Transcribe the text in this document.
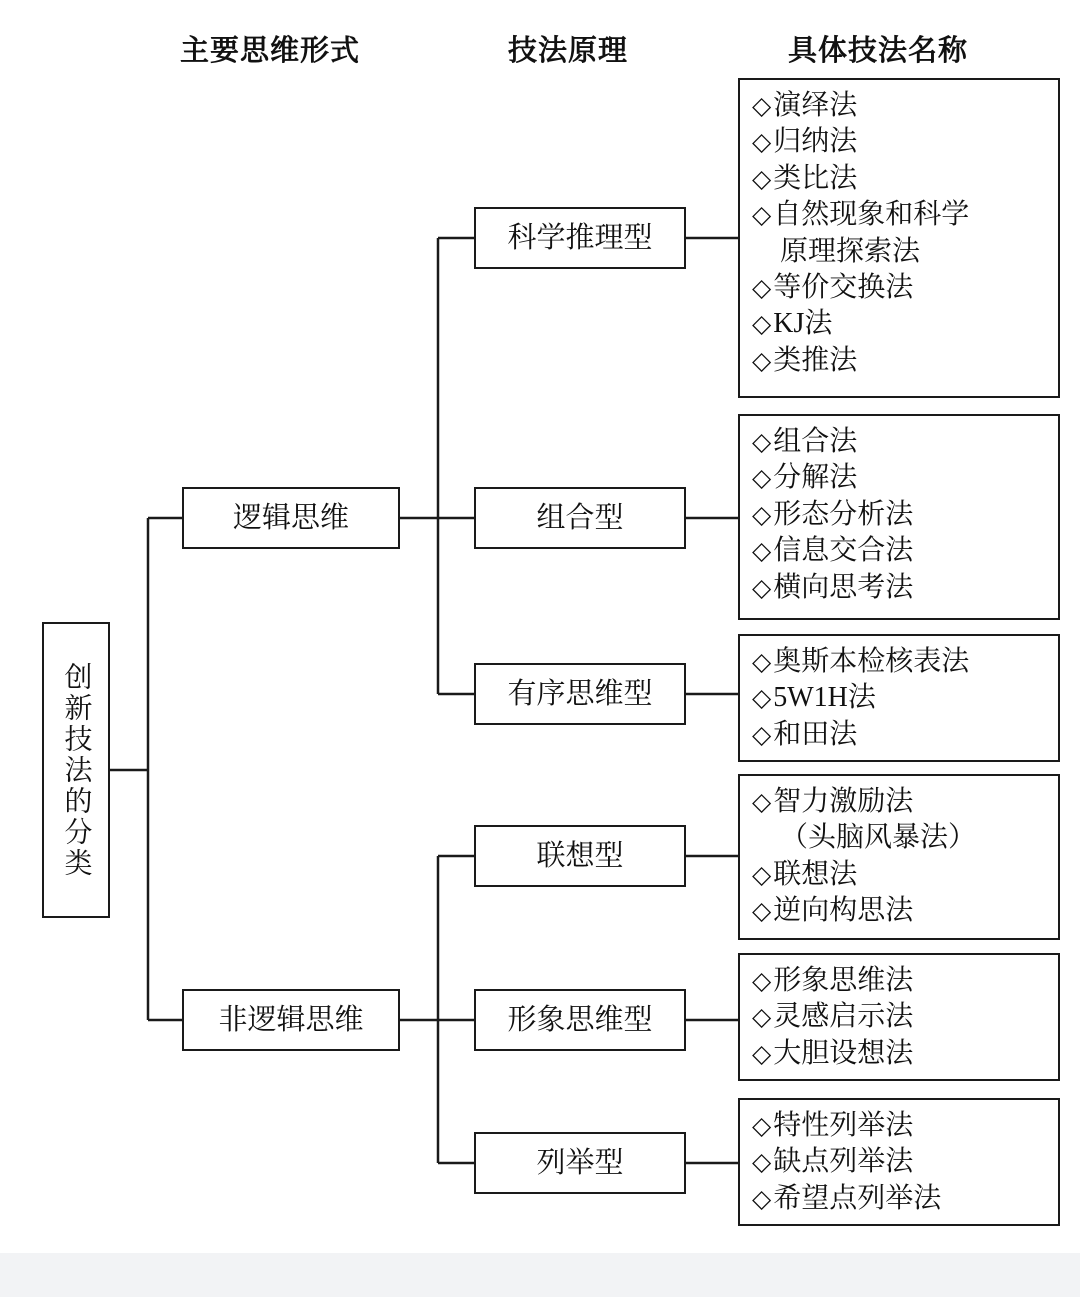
主要思维形式	技法原理	具体技法名称
创新技法的分类
逻辑思维
非逻辑思维
科学推理型
组合型
有序思维型
联想型
形象思维型
列举型
◇演绎法
◇归纳法
◇类比法
◇自然现象和科学
原理探索法
◇等价交换法
◇KJ法
◇类推法
◇组合法
◇分解法
◇形态分析法
◇信息交合法
◇横向思考法
◇奥斯本检核表法
◇5W1H法
◇和田法
◇智力激励法
（头脑风暴法）
◇联想法
◇逆向构思法
◇形象思维法
◇灵感启示法
◇大胆设想法
◇特性列举法
◇缺点列举法
◇希望点列举法
